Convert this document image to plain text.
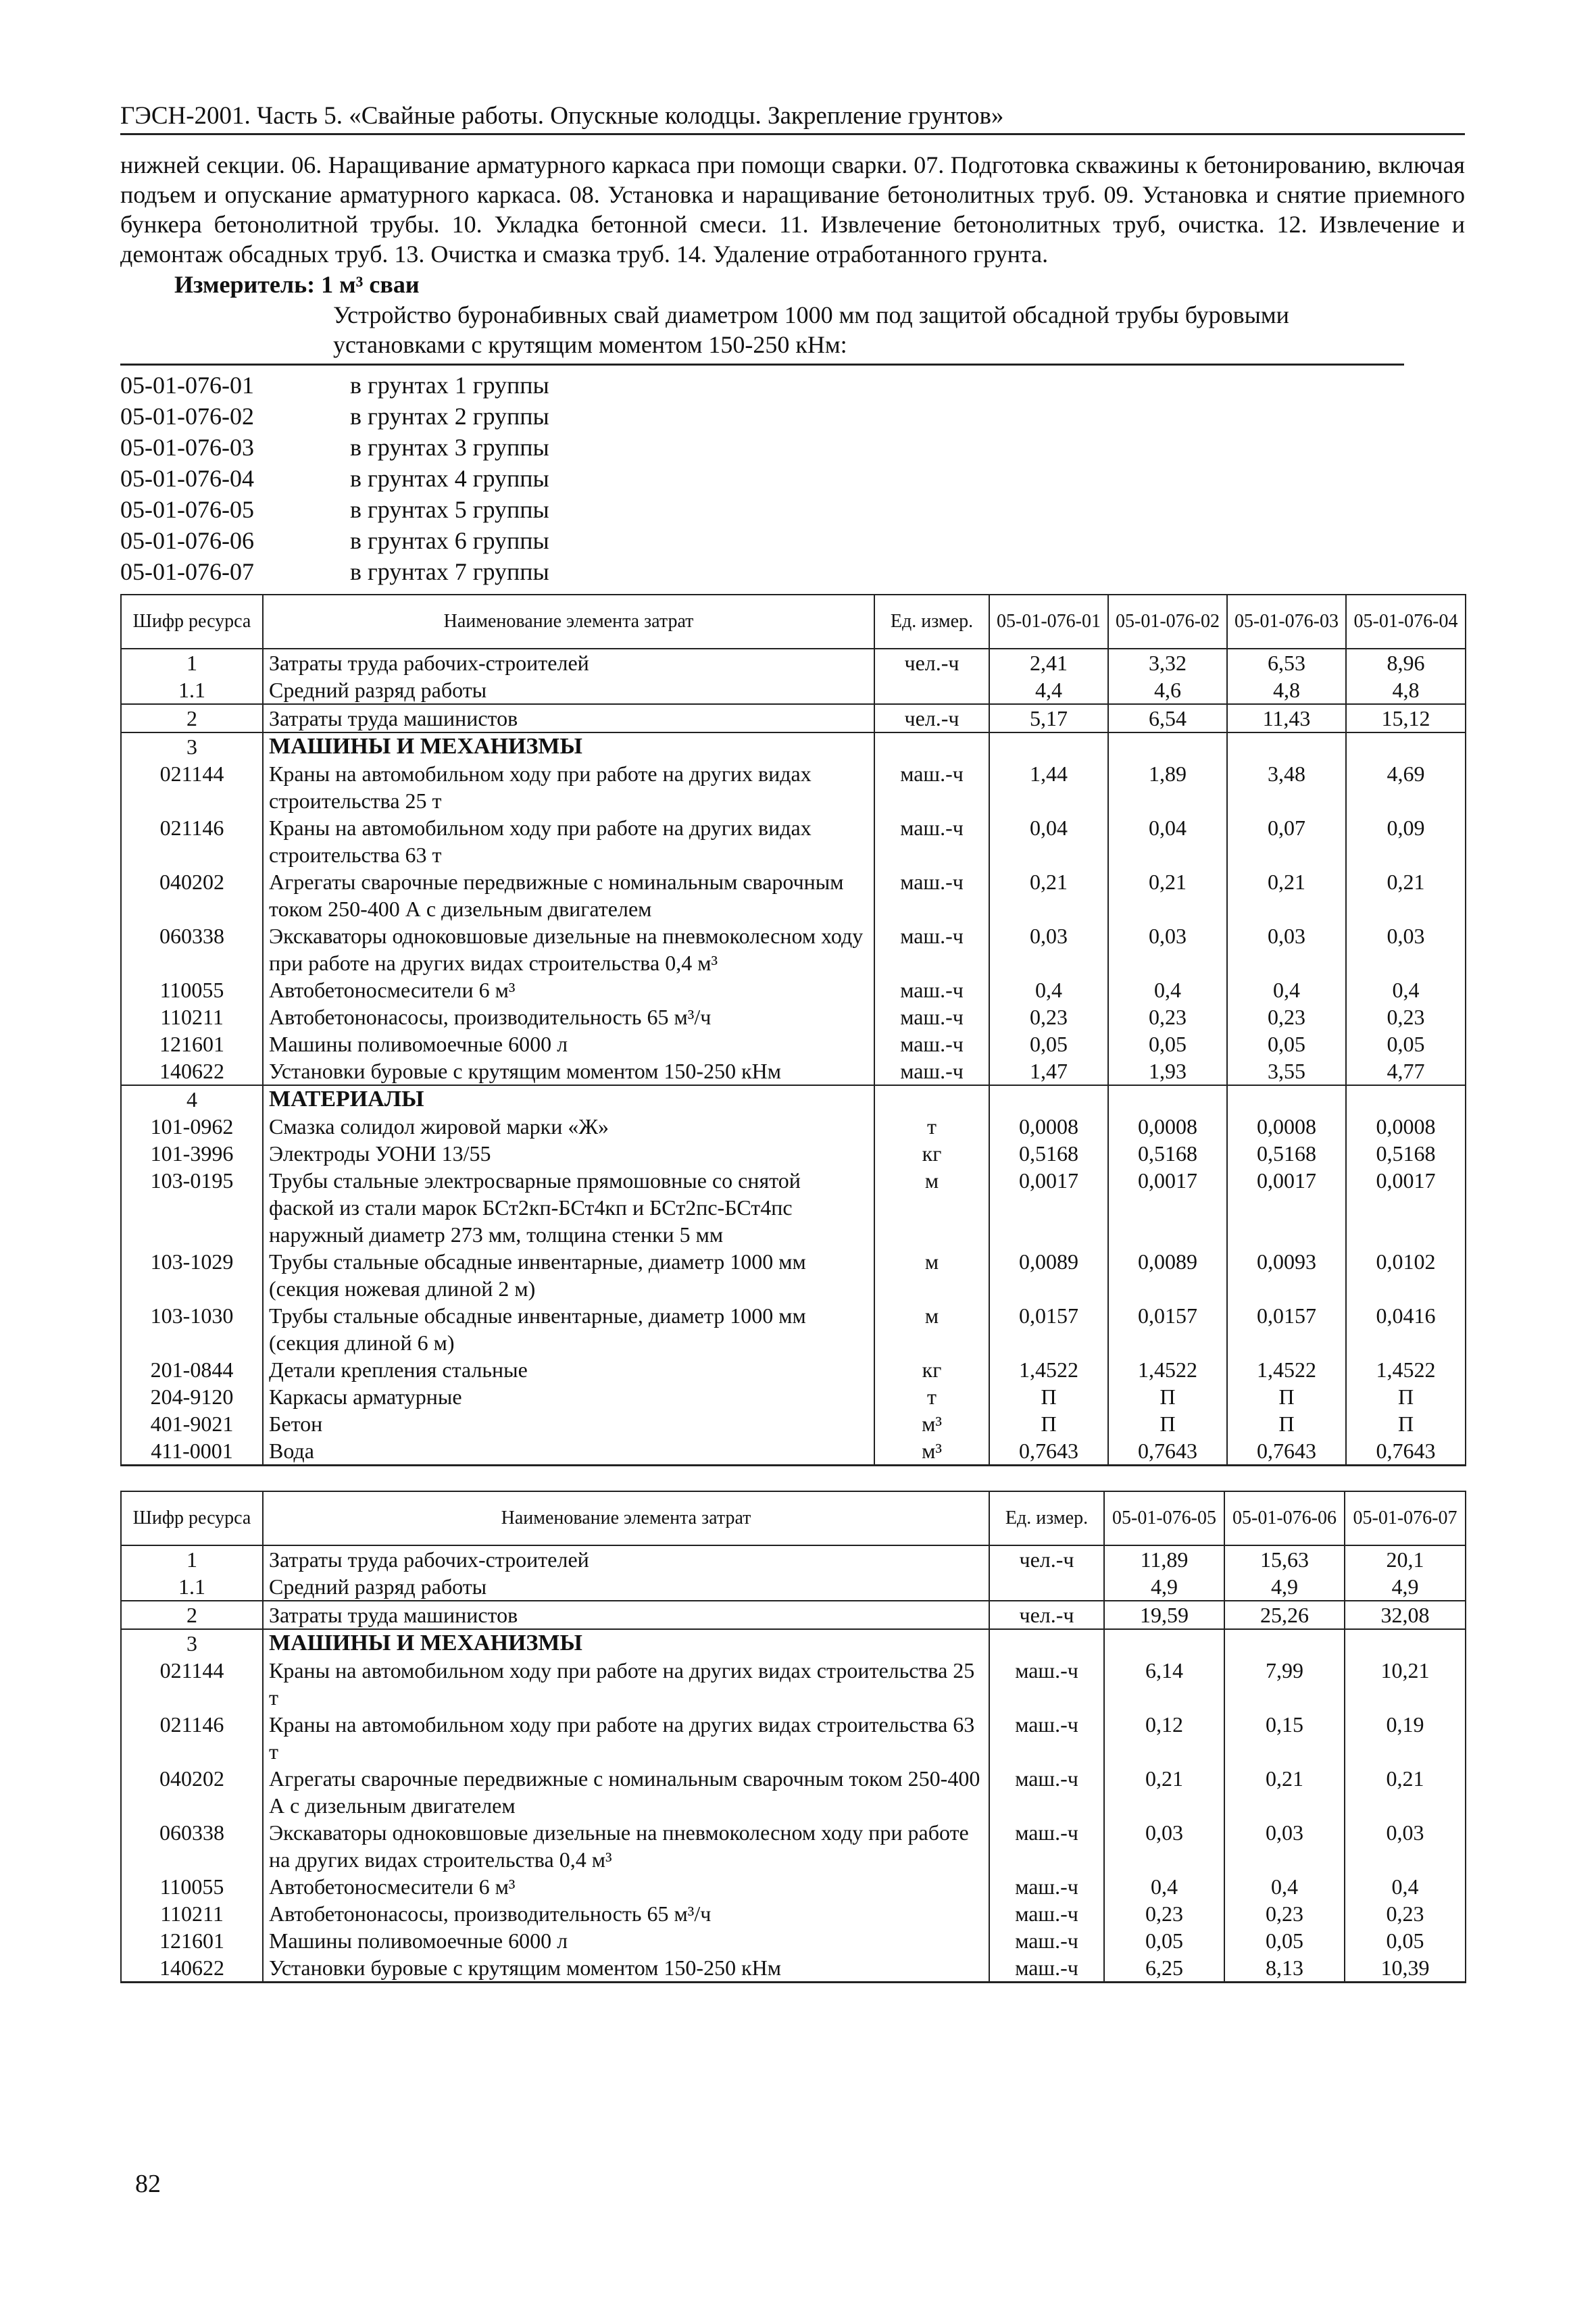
ГЭСН-2001. Часть 5. «Свайные работы. Опускные колодцы. Закрепление грунтов»
нижней секции. 06. Наращивание арматурного каркаса при помощи сварки. 07. Подготовка скважины к бетонированию, включая подъем и опускание арматурного каркаса. 08. Установка и наращивание бетонолитных труб. 09. Установка и снятие приемного бункера бетонолитной трубы. 10. Укладка бетонной смеси. 11. Извлечение бетонолитных труб, очистка. 12. Извлечение и демонтаж обсадных труб. 13. Очистка и смазка труб. 14. Удаление отработанного грунта.
Измеритель: 1 м³ сваи
Устройство буронабивных свай диаметром 1000 мм под защитой обсадной трубы буровыми установками с крутящим моментом 150-250 кНм:
05-01-076-01	в грунтах 1 группы
05-01-076-02	в грунтах 2 группы
05-01-076-03	в грунтах 3 группы
05-01-076-04	в грунтах 4 группы
05-01-076-05	в грунтах 5 группы
05-01-076-06	в грунтах 6 группы
05-01-076-07	в грунтах 7 группы
Шифр ресурса	Наименование элемента затрат	Ед. измер.	05-01-076-01	05-01-076-02	05-01-076-03	05-01-076-04
1	Затраты труда рабочих-строителей	чел.-ч	2,41	3,32	6,53	8,96
1.1	Средний разряд работы		4,4	4,6	4,8	4,8
2	Затраты труда машинистов	чел.-ч	5,17	6,54	11,43	15,12
3	МАШИНЫ И МЕХАНИЗМЫ					
021144	Краны на автомобильном ходу при работе на других видах строительства 25 т	маш.-ч	1,44	1,89	3,48	4,69
021146	Краны на автомобильном ходу при работе на других видах строительства 63 т	маш.-ч	0,04	0,04	0,07	0,09
040202	Агрегаты сварочные передвижные с номинальным сварочным током 250-400 А с дизельным двигателем	маш.-ч	0,21	0,21	0,21	0,21
060338	Экскаваторы одноковшовые дизельные на пневмоколесном ходу при работе на других видах строительства 0,4 м³	маш.-ч	0,03	0,03	0,03	0,03
110055	Автобетоносмесители 6 м³	маш.-ч	0,4	0,4	0,4	0,4
110211	Автобетононасосы, производительность 65 м³/ч	маш.-ч	0,23	0,23	0,23	0,23
121601	Машины поливомоечные 6000 л	маш.-ч	0,05	0,05	0,05	0,05
140622	Установки буровые с крутящим моментом 150-250 кНм	маш.-ч	1,47	1,93	3,55	4,77
4	МАТЕРИАЛЫ					
101-0962	Смазка солидол жировой марки «Ж»	т	0,0008	0,0008	0,0008	0,0008
101-3996	Электроды УОНИ 13/55	кг	0,5168	0,5168	0,5168	0,5168
103-0195	Трубы стальные электросварные прямошовные со снятой фаской из стали марок БСт2кп-БСт4кп и БСт2пс-БСт4пс наружный диаметр 273 мм, толщина стенки 5 мм	м	0,0017	0,0017	0,0017	0,0017
103-1029	Трубы стальные обсадные инвентарные, диаметр 1000 мм (секция ножевая длиной 2 м)	м	0,0089	0,0089	0,0093	0,0102
103-1030	Трубы стальные обсадные инвентарные, диаметр 1000 мм (секция длиной 6 м)	м	0,0157	0,0157	0,0157	0,0416
201-0844	Детали крепления стальные	кг	1,4522	1,4522	1,4522	1,4522
204-9120	Каркасы арматурные	т	П	П	П	П
401-9021	Бетон	м³	П	П	П	П
411-0001	Вода	м³	0,7643	0,7643	0,7643	0,7643
Шифр ресурса	Наименование элемента затрат	Ед. измер.	05-01-076-05	05-01-076-06	05-01-076-07
1	Затраты труда рабочих-строителей	чел.-ч	11,89	15,63	20,1
1.1	Средний разряд работы		4,9	4,9	4,9
2	Затраты труда машинистов	чел.-ч	19,59	25,26	32,08
3	МАШИНЫ И МЕХАНИЗМЫ				
021144	Краны на автомобильном ходу при работе на других видах строительства 25 т	маш.-ч	6,14	7,99	10,21
021146	Краны на автомобильном ходу при работе на других видах строительства 63 т	маш.-ч	0,12	0,15	0,19
040202	Агрегаты сварочные передвижные с номинальным сварочным током 250-400 А с дизельным двигателем	маш.-ч	0,21	0,21	0,21
060338	Экскаваторы одноковшовые дизельные на пневмоколесном ходу при работе на других видах строительства 0,4 м³	маш.-ч	0,03	0,03	0,03
110055	Автобетоносмесители 6 м³	маш.-ч	0,4	0,4	0,4
110211	Автобетононасосы, производительность 65 м³/ч	маш.-ч	0,23	0,23	0,23
121601	Машины поливомоечные 6000 л	маш.-ч	0,05	0,05	0,05
140622	Установки буровые с крутящим моментом 150-250 кНм	маш.-ч	6,25	8,13	10,39
82
